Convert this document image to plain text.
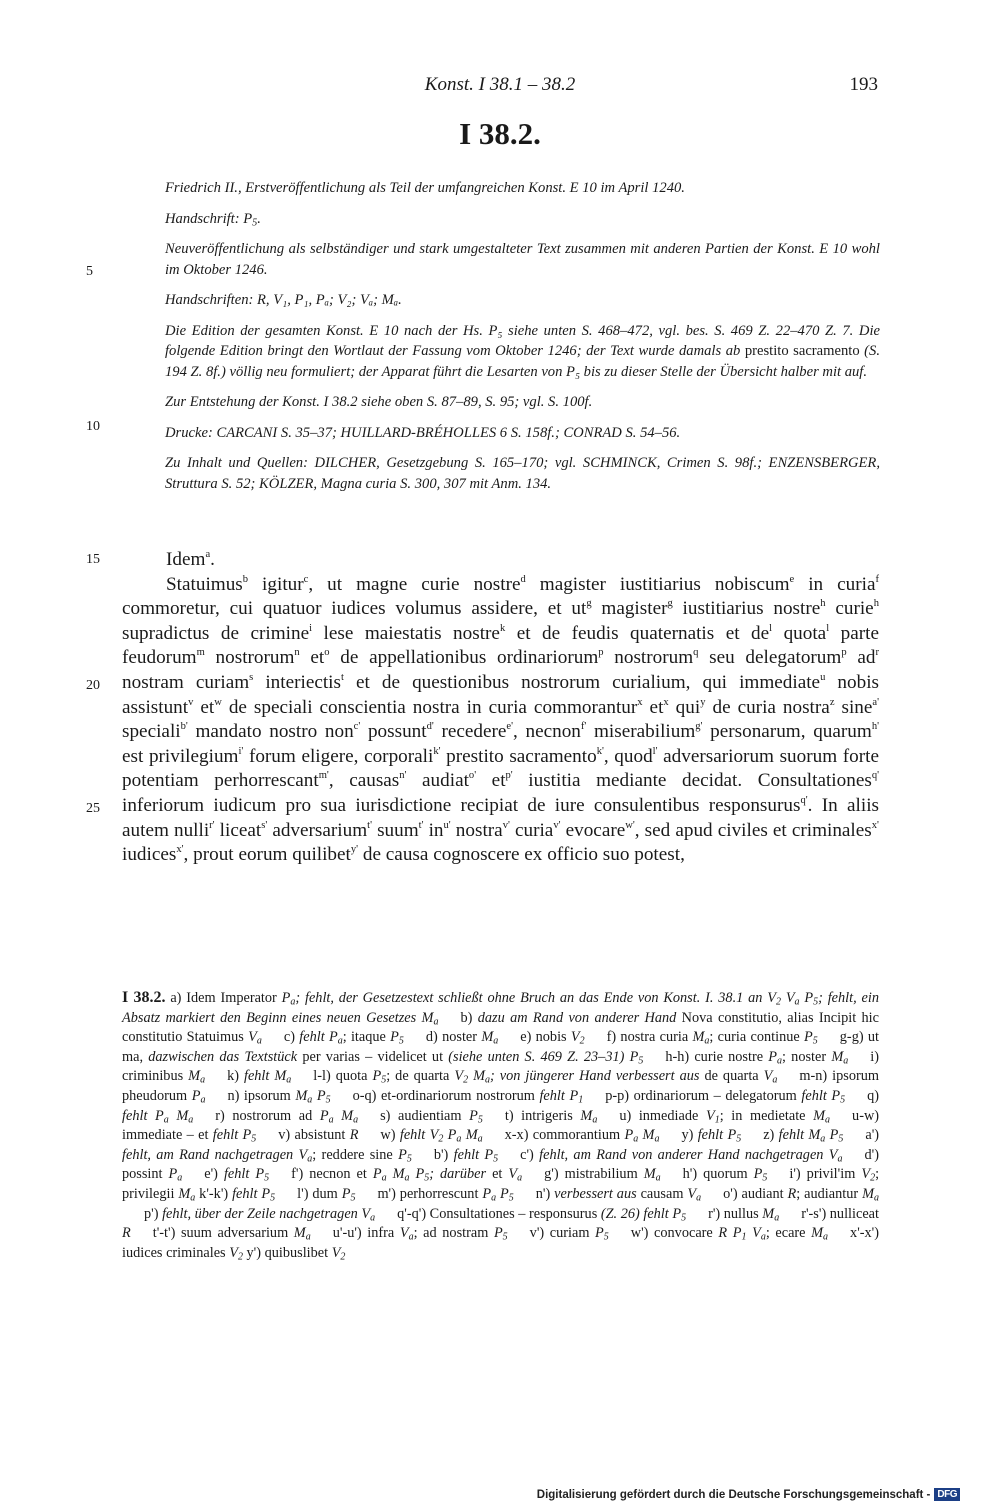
Konst. I 38.1 – 38.2	193
I 38.2.

Friedrich II., Erstveröffentlichung als Teil der umfangreichen Konst. E 10 im April 1240.

Handschrift: $P_5$.

Neuveröffentlichung als selbständiger und stark umgestalteter Text zusammen mit anderen Partien der Konst. E 10 wohl im Oktober 1246.

Handschriften: R, V₁, P₁, Pₐ; V₂; Vₐ; Mₐ.

Die Edition der gesamten Konst. E 10 nach der Hs. P₅ siehe unten S. 468–472, vgl. bes. S. 469 Z. 22–470 Z. 7. Die folgende Edition bringt den Wortlaut der Fassung vom Oktober 1246; der Text wurde damals ab prestito sacramento (S. 194 Z. 8f.) völlig neu formuliert; der Apparat führt die Lesarten von P₅ bis zu dieser Stelle der Übersicht halber mit auf.

Zur Entstehung der Konst. I 38.2 siehe oben S. 87–89, S. 95; vgl. S. 100f.

Drucke: CARCANI S. 35–37; HUILLARD-BRÉHOLLES 6 S. 158f.; CONRAD S. 54–56.

Zu Inhalt und Quellen: DILCHER, Gesetzgebung S. 165–170; vgl. SCHMINCK, Crimen S. 98f.; ENZENSBERGER, Struttura S. 52; KÖLZER, Magna curia S. 300, 307 mit Anm. 134.

5
10
15
20
25

Idem$^a$.

Statuimus$^b$ igitur$^c$, ut magne curie nostre$^d$ magister iustitiarius nobiscum$^e$ in curia$^f$ commoretur, cui quatuor iudices volumus assidere, et $ut^g$ magister$^g$ iustitiarius nostre$^h$ curie$^h$ supradictus de crimine$^i$ lese maiestatis nostre$^k$ et de feudis quaternatis et $de^l$ quota$^l$ parte feudorum$^m$ nostrorum$^n$ $et^o$ de appellationibus ordinariorum$^p$ nostrorum$^q$ seu delegatorum$^p$ $ad^r$ nostram curiam$^s$ interiectis$^t$ et de questionibus nostrorum curialium, qui immediate$^u$ nobis assistunt$^v$ $et^w$ de speciali conscientia nostra in curia commorantur$^x$ $et^x$ qui$^y$ de curia nostra$^z$ sine$^{a'}$ speciali$^{b'}$ mandato nostro non$^{c'}$ possunt$^{d'}$ recedere$^{e'}$, necnon$^{f'}$ miserabilium$^{g'}$ personarum, quarum$^{h'}$ est privilegium$^{i'}$ forum eligere, corporali$^{k'}$ prestito sacramento$^{k'}$, quod$^{l'}$ adversariorum suorum forte potentiam perhorrescant$^{m'}$, causas$^{n'}$ audiat$^{o'}$ $et^{p'}$ iustitia mediante decidat. Consultationes$^{q'}$ inferiorum iudicum pro sua iurisdictione recipiat de iure consulentibus responsurus$^{q'}$. In aliis autem nulli$^{r'}$ liceat$^{s'}$ adversarium$^{t'}$ suum$^{t'}$ $in^{u'}$ nostra$^{v'}$ curia$^{v'}$ evocare$^{w'}$, sed apud civiles et criminales$^{x'}$ iudices$^{x'}$, prout eorum quilibet$^{y'}$ de causa cognoscere ex officio suo potest,

I 38.2. a) Idem Imperator $P_a$; fehlt, der Gesetzestext schließt ohne Bruch an das Ende von Konst. I. 38.1 an $V_2$ $V_a$ $P_5$; fehlt, ein Absatz markiert den Beginn eines neuen Gesetzes $M_a$ b) dazu am Rand von anderer Hand Nova constitutio, alias Incipit hic constitutio Statuimus $V_a$ c) fehlt $P_a$; itaque $P_5$ d) noster $M_a$ e) nobis $V_2$ f) nostra curia $M_a$; curia continue $P_5$ g-g) ut ma, dazwischen das Textstück per varias – videlicet ut (siehe unten S. 469 Z. 23–31) $P_5$ h-h) curie nostre $P_a$; noster $M_a$ i) criminibus $M_a$ k) fehlt $M_a$ l-l) quota $P_5$; de quarta $V_2$ $M_a$; von jüngerer Hand verbessert aus de quarta $V_a$ m-n) ipsorum pheudorum $P_a$ n) ipsorum $M_a$ $P_5$ o-q) et-ordinariorum nostrorum fehlt $P_1$ p-p) ordinariorum – delegatorum fehlt $P_5$ q) fehlt $P_a$ $M_a$ r) nostrorum ad $P_a$ $M_a$ s) audientiam $P_5$ t) intrigeris $M_a$ u) inmediade $V_1$; in medietate $M_a$ u-w) immediate – et fehlt $P_5$ v) absistunt R w) fehlt $V_2$ $P_a$ $M_a$ x-x) commorantium $P_a$ $M_a$ y) fehlt $P_5$ z) fehlt $M_a$ $P_5$ a') fehlt, am Rand nachgetragen $V_a$; reddere sine $P_5$ b') fehlt $P_5$ c') fehlt, am Rand von anderer Hand nachgetragen $V_a$ d') possint $P_a$ e') fehlt $P_5$ f') necnon et $P_a$ $M_a$ $P_5$; darüber et $V_a$ g') mistrabilium $M_a$ h') quorum $P_5$ i') privil'im $V_2$; privilegii $M_a$ k'-k') fehlt $P_5$ l') dum $P_5$ m') perhorrescunt $P_a$ $P_5$ n') verbessert aus causam $V_a$ o') audiant R; audiantur $M_ap'$) fehlt, über der Zeile nachgetragen $V_a$ q'-q') Consultationes – responsurus (Z. 26) fehlt $P_5$ r') nullus $M_a$ r'-s') nulliceat R t'-t') suum adversarium $M_a$ u'-u') infra $V_a$; ad nostram $P_5$ v') curiam $P_5$ w') convocare R $P_1$ $V_a$; ecare $M_a$ x'-x') iudices criminales $V_2$ y') quibuslibet $V_2$
Digitalisierung gefördert durch die Deutsche Forschungsgemeinschaft - DFG
